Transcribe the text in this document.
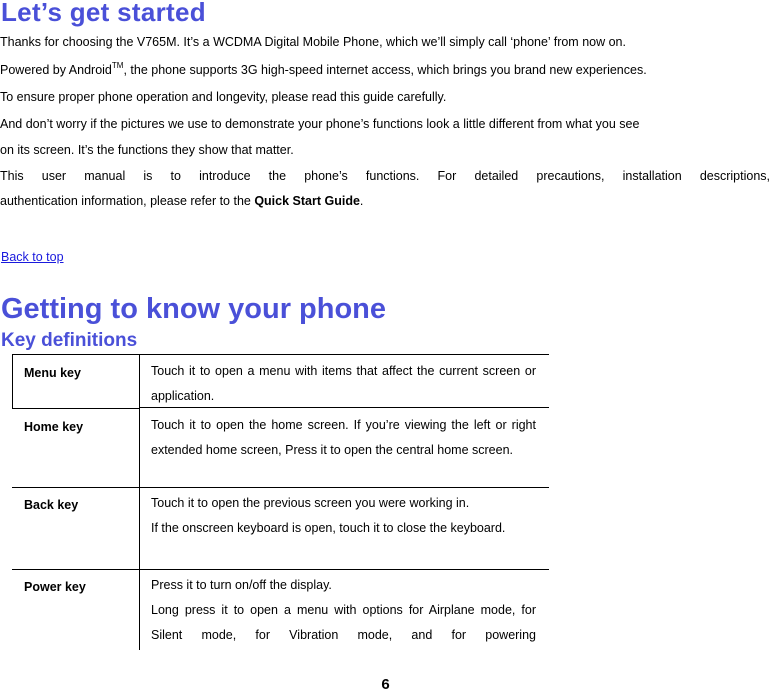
Let’s get started

Thanks for choosing the V765M. It’s a WCDMA Digital Mobile Phone, which we’ll simply call ‘phone’ from now on.

Powered by Android™, the phone supports 3G high-speed internet access, which brings you brand new experiences.

To ensure proper phone operation and longevity, please read this guide carefully.

And don’t worry if the pictures we use to demonstrate your phone’s functions look a little different from what you see

on its screen. It’s the functions they show that matter.

This user manual is to introduce the phone’s functions. For detailed precautions, installation descriptions,

authentication information, please refer to the Quick Start Guide.

Back to top
Getting to know your phone
Key definitions
Menu key	Touch it to open a menu with items that affect the current screen or application.

Home key	Touch it to open the home screen. If you’re viewing the left or right extended home screen, Press it to open the central home screen.

Back key	Touch it to open the previous screen you were working in.

If the onscreen keyboard is open, touch it to close the keyboard.

Power key	Press it to turn on/off the display.

Long press it to open a menu with options for Airplane mode, for Silent mode, for Vibration mode, and for powering

6
